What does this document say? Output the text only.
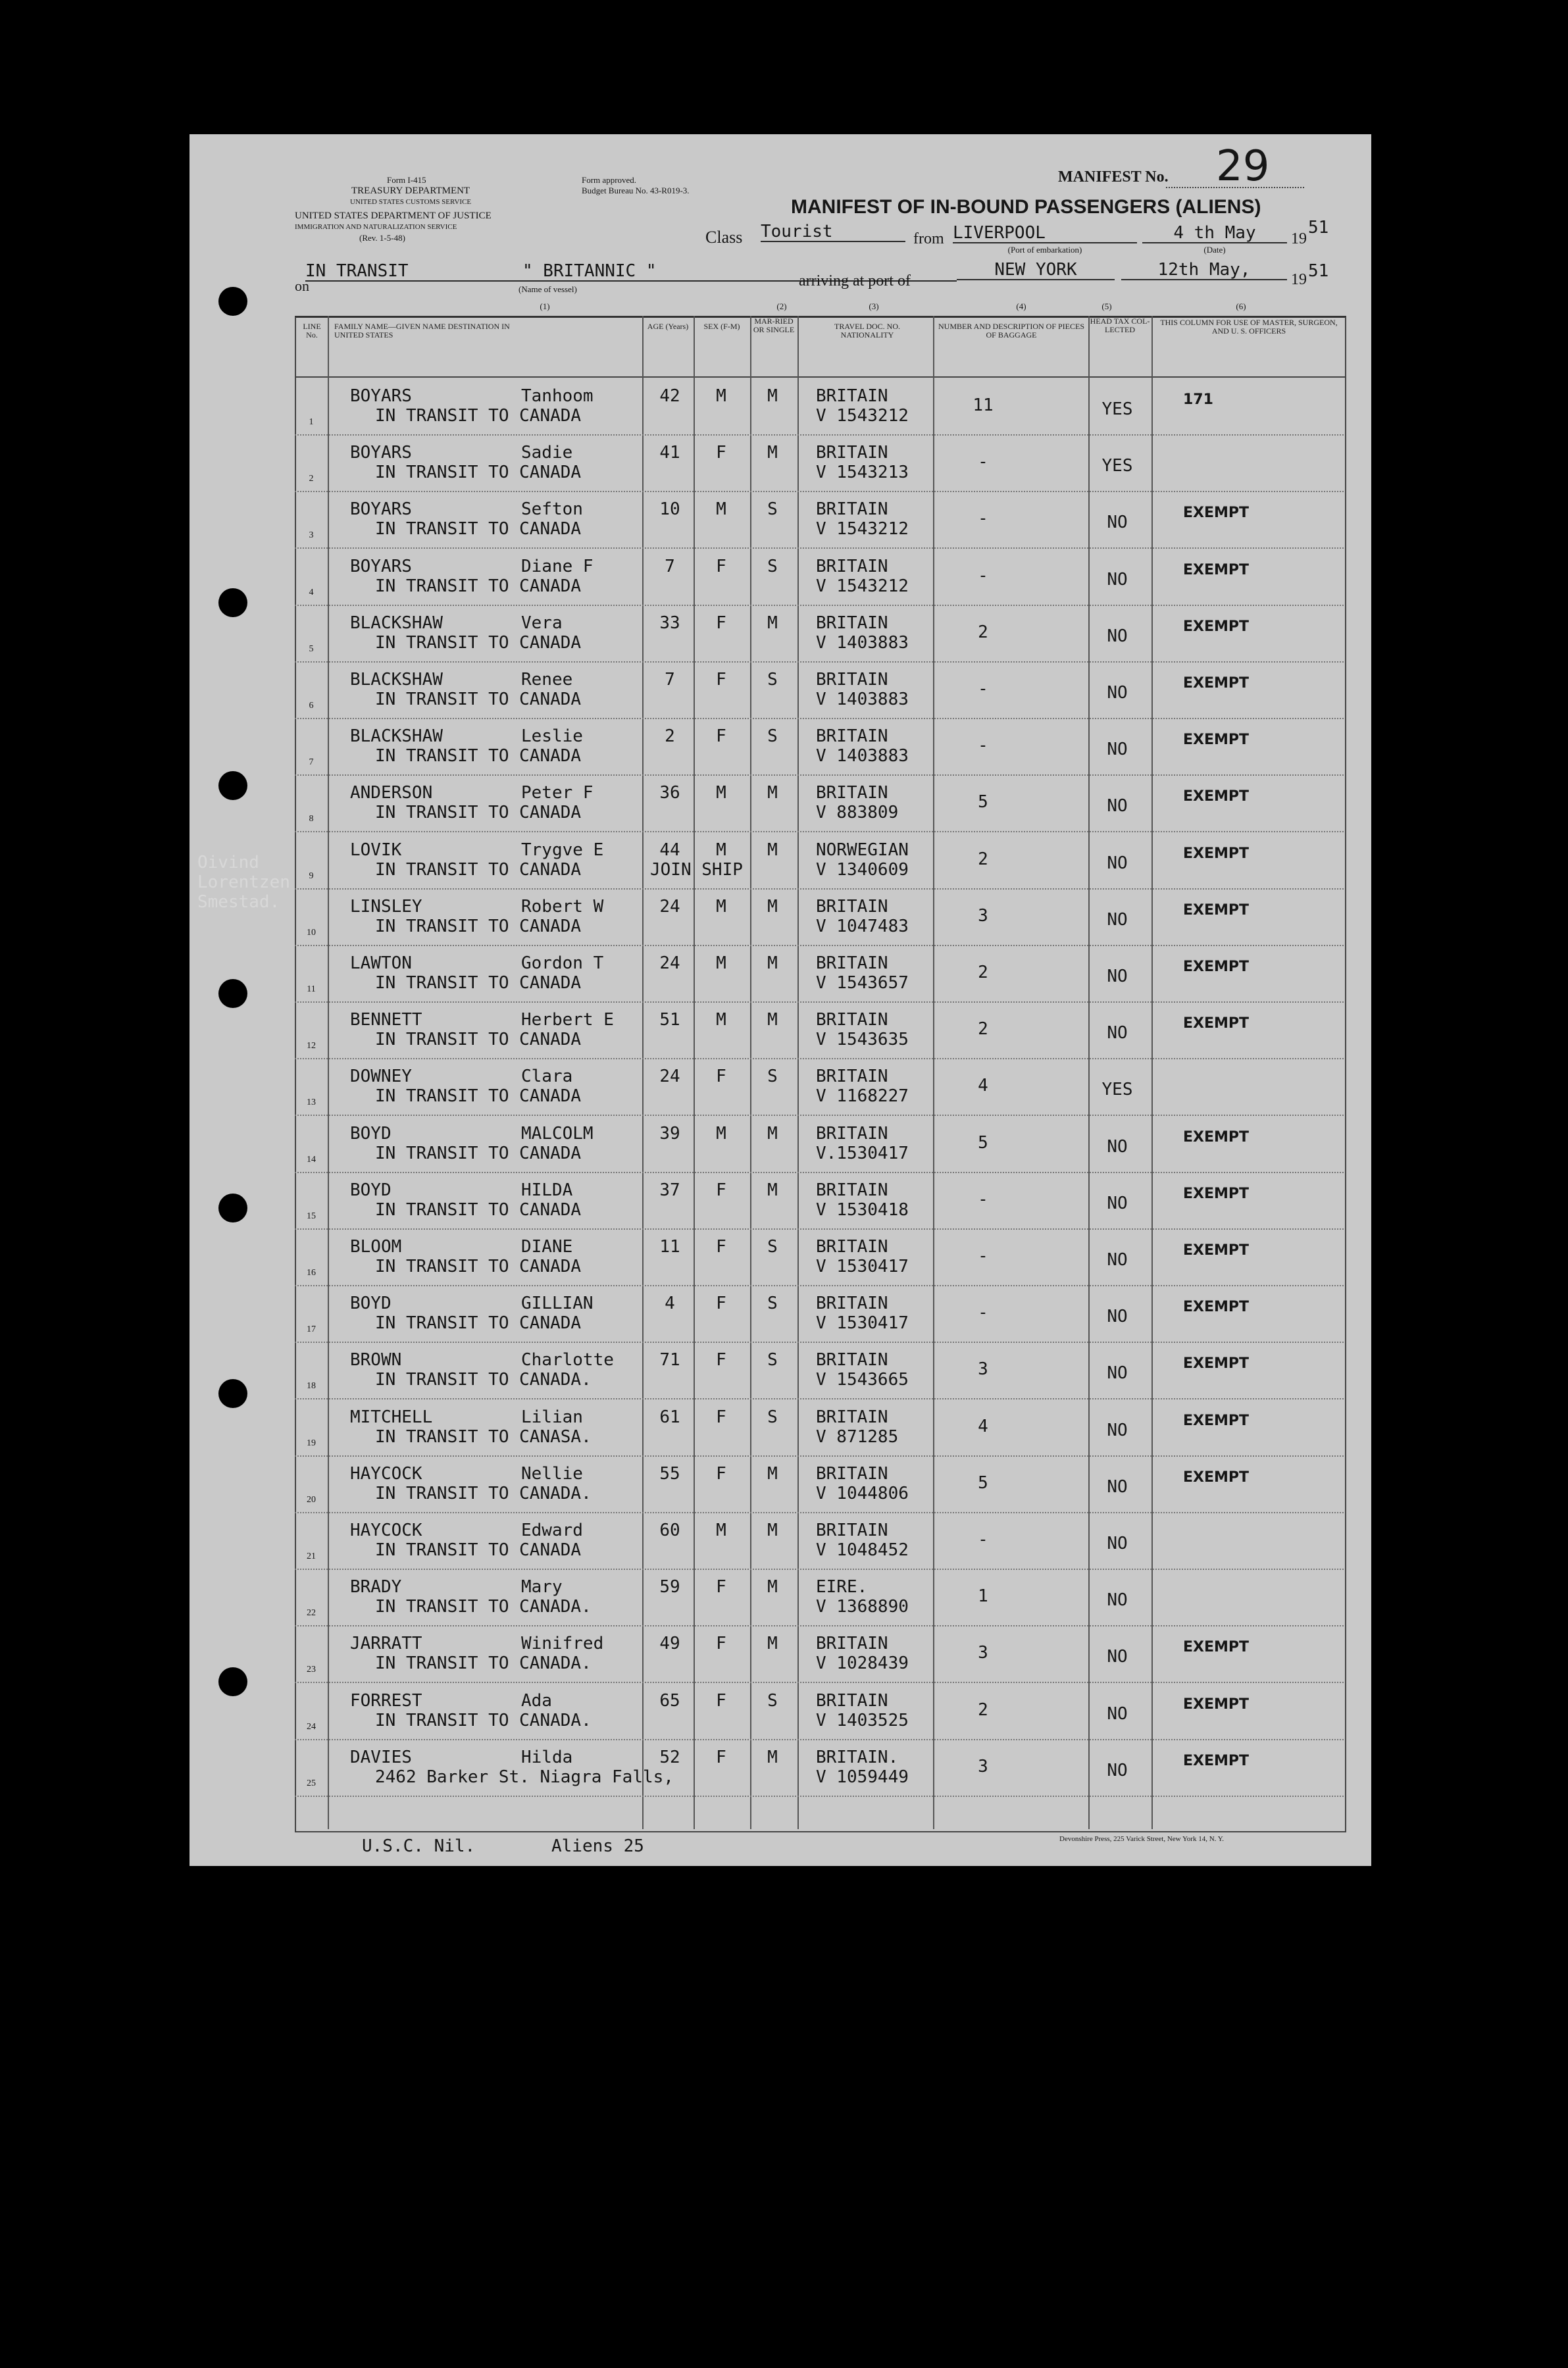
Form I-415
TREASURY DEPARTMENT
UNITED STATES CUSTOMS SERVICE
UNITED STATES DEPARTMENT OF JUSTICE
IMMIGRATION AND NATURALIZATION SERVICE
(Rev. 1-5-48)
Form approved.
Budget Bureau No. 43-R019-3.
MANIFEST No. 29
MANIFEST OF IN-BOUND PASSENGERS (ALIENS)
Class Tourist	from LIVERPOOL
(Port of embarkation)
4 th May
(Date)
19
51
on
IN TRANSIT	" BRITANNIC "
(Name of vessel)	arriving at port of
NEW YORK	12th May,	19 51
(1)	(2)	(3)	(4)	(5)	(6)
LINE No.
FAMILY NAME—GIVEN NAME DESTINATION IN UNITED STATES
AGE (Years)	SEX (F-M)
MAR-RIED OR SINGLE	TRAVEL DOC. NO. NATIONALITY
NUMBER AND DESCRIPTION OF PIECES OF BAGGAGE
HEAD TAX COL-LECTED
THIS COLUMN FOR USE OF MASTER, SURGEON, AND U. S. OFFICERS
1
BOYARS	Tanhoom
IN TRANSIT TO CANADA
42	M	M	BRITAIN
V 1543212
11	YES	171
2
BOYARS	Sadie
IN TRANSIT TO CANADA
41	F	M	BRITAIN
V 1543213
-	YES
3
BOYARS	Sefton
IN TRANSIT TO CANADA
10	M	S	BRITAIN
V 1543212
-	NO	EXEMPT
4
BOYARS	Diane F
IN TRANSIT TO CANADA
7	F	S	BRITAIN
V 1543212
-	NO	EXEMPT
5
BLACKSHAW	Vera
IN TRANSIT TO CANADA
33	F	M	BRITAIN
V 1403883
2	NO	EXEMPT
6
BLACKSHAW	Renee
IN TRANSIT TO CANADA
7	F	S	BRITAIN
V 1403883
-	NO	EXEMPT
7
BLACKSHAW	Leslie
IN TRANSIT TO CANADA
2	F	S	BRITAIN
V 1403883
-	NO	EXEMPT
8
ANDERSON	Peter F
IN TRANSIT TO CANADA
36	M	M	BRITAIN
V 883809
5	NO	EXEMPT
9
LOVIK	Trygve E
IN TRANSIT TO CANADA
44	M	M	NORWEGIAN
V 1340609
2	NO	EXEMPT
JOIN SHIP
10
LINSLEY	Robert W
IN TRANSIT TO CANADA
24	M	M	BRITAIN
V 1047483
3	NO	EXEMPT
11
LAWTON	Gordon T
IN TRANSIT TO CANADA
24	M	M	BRITAIN
V 1543657
2	NO	EXEMPT
12
BENNETT	Herbert E
IN TRANSIT TO CANADA
51	M	M	BRITAIN
V 1543635
2	NO	EXEMPT
13
DOWNEY	Clara
IN TRANSIT TO CANADA
24	F	S	BRITAIN
V 1168227
4	YES
14
BOYD	MALCOLM
IN TRANSIT TO CANADA
39	M	M	BRITAIN
V.1530417
5	NO	EXEMPT
15
BOYD	HILDA
IN TRANSIT TO CANADA
37	F	M	BRITAIN
V 1530418
-	NO	EXEMPT
16
BLOOM	DIANE
IN TRANSIT TO CANADA
11	F	S	BRITAIN
V 1530417
-	NO	EXEMPT
17
BOYD	GILLIAN
IN TRANSIT TO CANADA
4	F	S	BRITAIN
V 1530417
-	NO	EXEMPT
18
BROWN	Charlotte
IN TRANSIT TO CANADA.
71	F	S	BRITAIN
V 1543665
3	NO	EXEMPT
19
MITCHELL	Lilian
IN TRANSIT TO CANASA.
61	F	S	BRITAIN
V 871285
4	NO	EXEMPT
20
HAYCOCK	Nellie
IN TRANSIT TO CANADA.
55	F	M	BRITAIN
V 1044806
5	NO	EXEMPT
21
HAYCOCK	Edward
IN TRANSIT TO CANADA
60	M	M	BRITAIN
V 1048452
-	NO
22
BRADY	Mary
IN TRANSIT TO CANADA.
59	F	M	EIRE.
V 1368890
1	NO
23
JARRATT	Winifred
IN TRANSIT TO CANADA.
49	F	M	BRITAIN
V 1028439
3	NO	EXEMPT
24
FORREST	Ada
IN TRANSIT TO CANADA.
65	F	S	BRITAIN
V 1403525
2	NO	EXEMPT
25
DAVIES	Hilda
2462 Barker St. Niagra Falls,
52	F	M	BRITAIN.
V 1059449
3	NO	EXEMPT
U.S.C. Nil.	Aliens 25	Devonshire Press, 225 Varick Street, New York 14, N. Y.
Oivind
Lorentzen
Smestad.
